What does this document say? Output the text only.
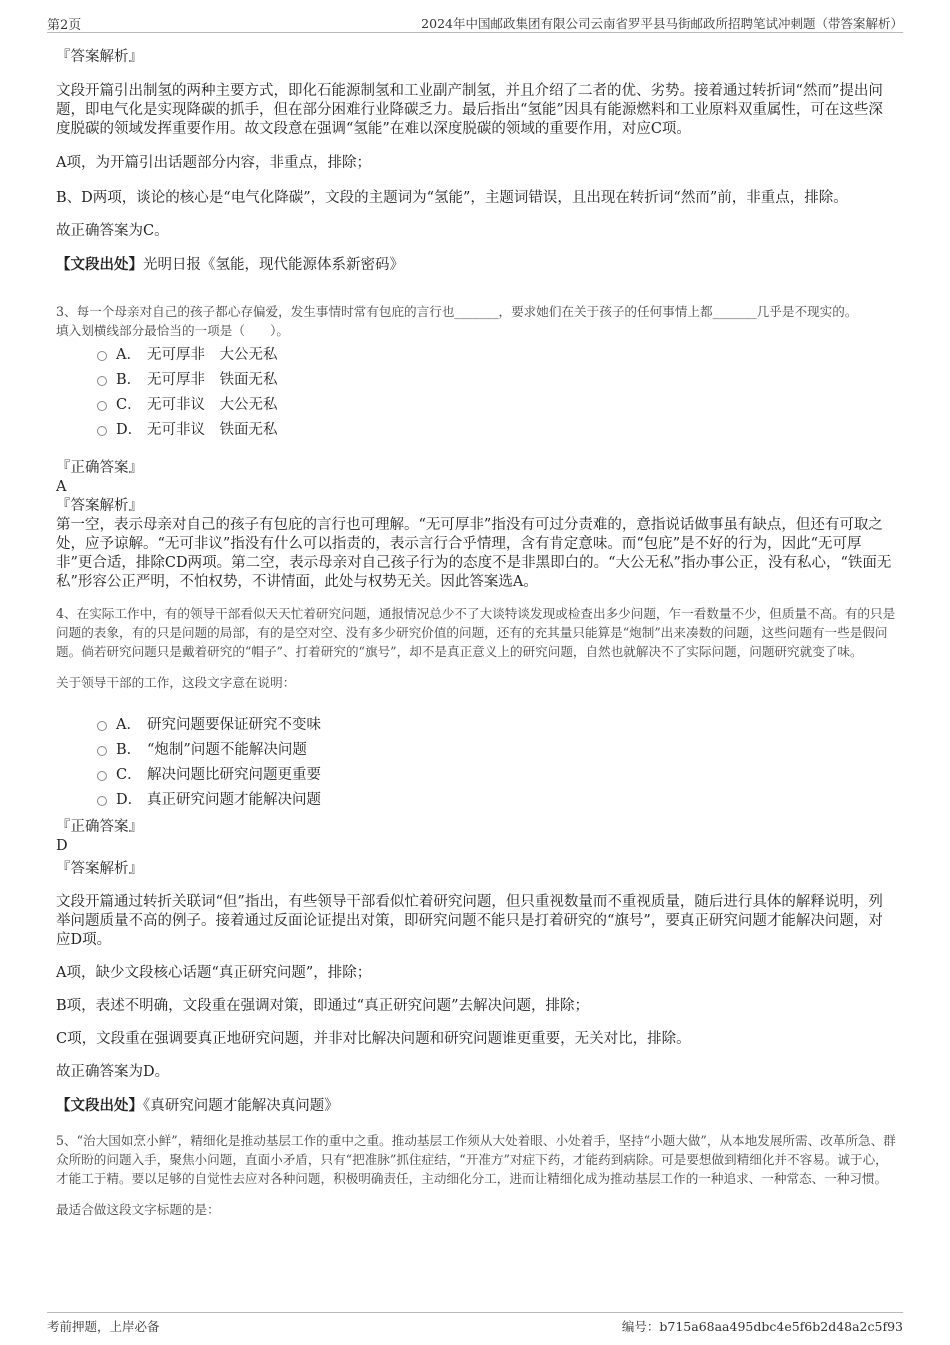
第2页	2024年中国邮政集团有限公司云南省罗平县马街邮政所招聘笔试冲刺题（带答案解析）

『答案解析』

文段开篇引出制氢的两种主要方式，即化石能源制氢和工业副产制氢，并且介绍了二者的优、劣势。接着通过转折词“然而”提出问题，即电气化是实现降碳的抓手，但在部分困难行业降碳乏力。最后指出“氢能”因具有能源燃料和工业原料双重属性，可在这些深度脱碳的领域发挥重要作用。故文段意在强调“氢能”在难以深度脱碳的领域的重要作用，对应C项。

A项，为开篇引出话题部分内容，非重点，排除；

B、D两项，谈论的核心是“电气化降碳”，文段的主题词为“氢能”，主题词错误，且出现在转折词“然而”前，非重点，排除。

故正确答案为C。

【文段出处】光明日报《氢能，现代能源体系新密码》

3、每一个母亲对自己的孩子都心存偏爱，发生事情时常有包庇的言行也_______，要求她们在关于孩子的任何事情上都_______几乎是不现实的。

填入划横线部分最恰当的一项是（　　）。

A． 无可厚非　大公无私
B． 无可厚非　铁面无私
C． 无可非议　大公无私
D． 无可非议　铁面无私

『正确答案』

A

『答案解析』

第一空，表示母亲对自己的孩子有包庇的言行也可理解。“无可厚非”指没有可过分责难的，意指说话做事虽有缺点，但还有可取之处，应予谅解。“无可非议”指没有什么可以指责的，表示言行合乎情理，含有肯定意味。而“包庇”是不好的行为，因此“无可厚非”更合适，排除CD两项。第二空，表示母亲对自己孩子行为的态度不是非黑即白的。“大公无私”指办事公正，没有私心，“铁面无私”形容公正严明，不怕权势，不讲情面，此处与权势无关。因此答案选A。

4、在实际工作中，有的领导干部看似天天忙着研究问题，通报情况总少不了大谈特谈发现或检查出多少问题，乍一看数量不少，但质量不高。有的只是问题的表象，有的只是问题的局部，有的是空对空、没有多少研究价值的问题，还有的充其量只能算是“炮制”出来凑数的问题，这些问题有一些是假问题。倘若研究问题只是戴着研究的“帽子”、打着研究的“旗号”，却不是真正意义上的研究问题，自然也就解决不了实际问题，问题研究就变了味。

关于领导干部的工作，这段文字意在说明：

A． 研究问题要保证研究不变味
B． “炮制”问题不能解决问题
C． 解决问题比研究问题更重要
D． 真正研究问题才能解决问题

『正确答案』

D

『答案解析』

文段开篇通过转折关联词“但”指出，有些领导干部看似忙着研究问题，但只重视数量而不重视质量，随后进行具体的解释说明，列举问题质量不高的例子。接着通过反面论证提出对策，即研究问题不能只是打着研究的“旗号”，要真正研究问题才能解决问题，对应D项。

A项，缺少文段核心话题“真正研究问题”，排除；

B项，表述不明确，文段重在强调对策，即通过“真正研究问题”去解决问题，排除；

C项，文段重在强调要真正地研究问题，并非对比解决问题和研究问题谁更重要，无关对比，排除。

故正确答案为D。

【文段出处】《真研究问题才能解决真问题》

5、“治大国如烹小鲜”，精细化是推动基层工作的重中之重。推动基层工作须从大处着眼、小处着手，坚持“小题大做”，从本地发展所需、改革所急、群众所盼的问题入手，聚焦小问题，直面小矛盾，只有“把准脉”抓住症结，“开准方”对症下药，才能药到病除。可是要想做到精细化并不容易。诚于心，才能工于精。要以足够的自觉性去应对各种问题，积极明确责任，主动细化分工，进而让精细化成为推动基层工作的一种追求、一种常态、一种习惯。

最适合做这段文字标题的是：

考前押题，上岸必备	编号：b715a68aa495dbc4e5f6b2d48a2c5f93
